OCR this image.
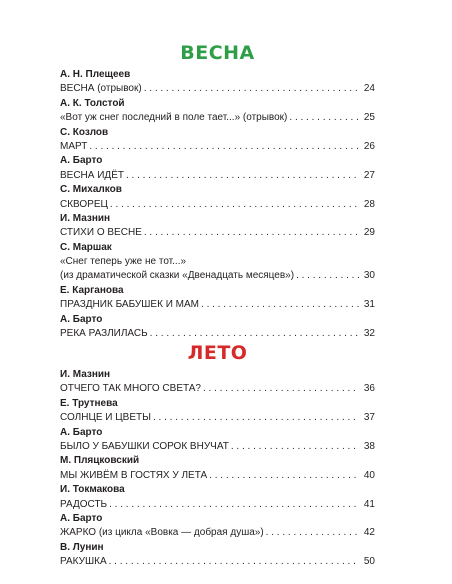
ВЕСНА
А. Н. Плещеев
ВЕСНА (отрывок) . . .	24
А. К. Толстой
«Вот уж снег последний в поле тает...» (отрывок) . . .	25
С. Козлов
МАРТ . . .	26
А. Барто
ВЕСНА ИДЁТ . . .	27
С. Михалков
СКВОРЕЦ . . .	28
И. Мазнин
СТИХИ О ВЕСНЕ . . .	29
С. Маршак
«Снег теперь уже не тот...»
(из драматической сказки «Двенадцать месяцев») . . .	30
Е. Карганова
ПРАЗДНИК БАБУШЕК И МАМ . . .	31
А. Барто
РЕКА РАЗЛИЛАСЬ . . .	32
ЛЕТО
И. Мазнин
ОТЧЕГО ТАК МНОГО СВЕТА? . . .	36
Е. Трутнева
СОЛНЦЕ И ЦВЕТЫ . . .	37
А. Барто
БЫЛО У БАБУШКИ СОРОК ВНУЧАТ . . .	38
М. Пляцковский
МЫ ЖИВЁМ В ГОСТЯХ У ЛЕТА . . .	40
И. Токмакова
РАДОСТЬ . . .	41
А. Барто
ЖАРКО (из цикла «Вовка — добрая душа») . . .	42
В. Лунин
РАКУШКА . . .	50
